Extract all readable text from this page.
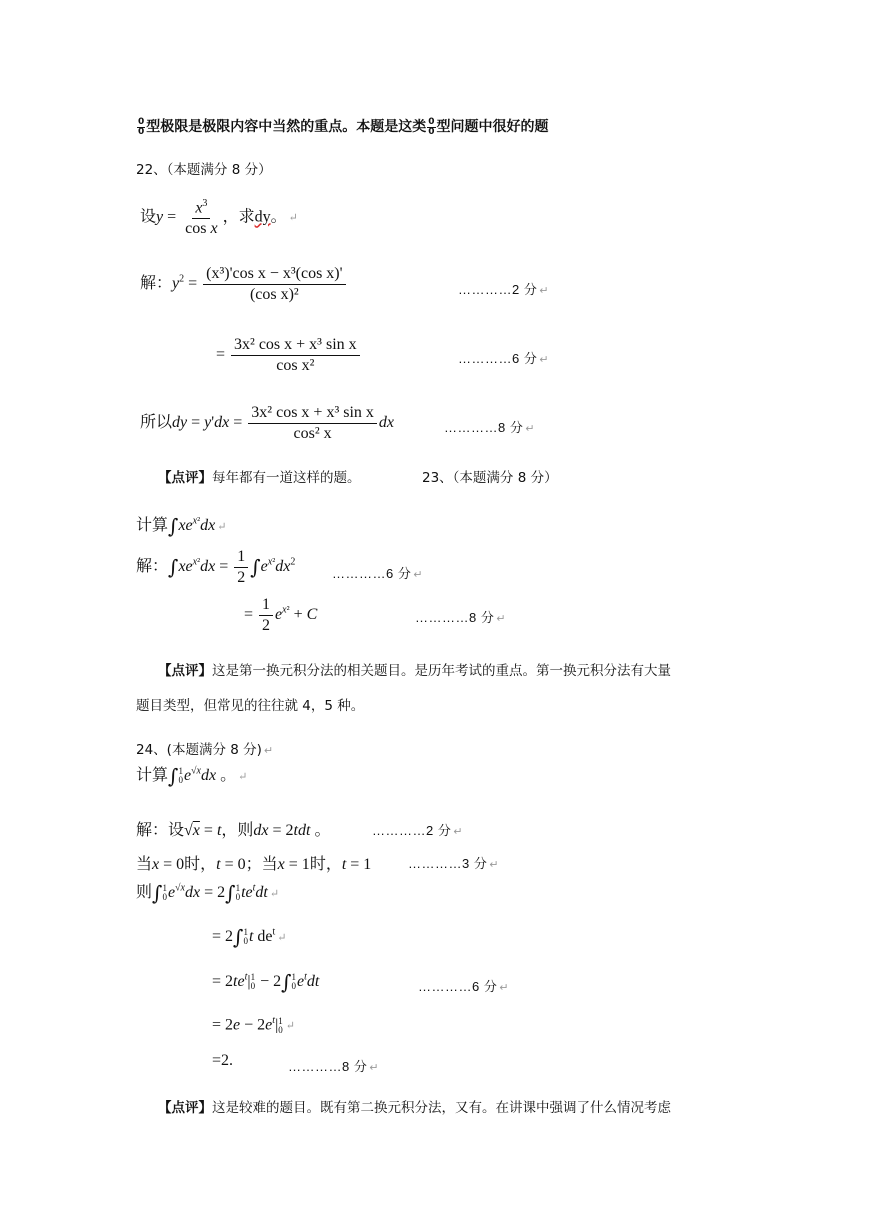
$\frac{0}{0}$ 型极限是极限内容中当然的重点。本题是这类 $\frac{0}{0}$ 型问题中很好的题
22、（本题满分 8 分）
设$y = \frac{x^3}{\text{cos x}}$ ，求dy。 ↵
解：$y^2 = \frac{\text{(x³)'cos x − x³(cos x)'}}{\text{(cos x)²}}$	…………2 分 ↵
= $\frac{\text{3x² cos x + x³ sin x}}{\text{cos x²}}$	…………6 分 ↵
所以dy = $y'dx = \frac{\text{3x² cos x + x³ sin x}}{\text{cos² x}}$ dx	…………8 分 ↵
【点评】每年都有一道这样的题。	23、（本题满分 8 分）
计算$\int xe^{x^2}dx$ ↵
解：$\int xe^{x^2}dx = \frac{1}{2} \int e^{x^2}dx^2$
…………6 分 ↵
= $\frac{1}{2} e^{x^2} + C$	…………8 分 ↵
【点评】这是第一换元积分法的相关题目。是历年考试的重点。第一换元积分法有大量
题目类型，但常见的往往就 4，5 种。
24、(本题满分 8 分) ↵
计算∫ 1
0 $e^{√x}dx$ 。 ↵
解：设√x = t，则dx = 2tdt 。	…………2 分 ↵
当x = 0时，t = 0；当x = 1时，t = 1	…………3 分 ↵
则∫ 1
0 $e^{√x}dx = 2\int$ 1
0 $te^tdt$ ↵
= 2∫ 1
0 t $de^t$ ↵
= $2te^t|$ 1
0 − 2∫ 1
0 $e^tdt$	…………6 分 ↵
= $2e - 2e^t|$ 1
0 ↵
=2.	…………8 分 ↵
【点评】这是较难的题目。既有第二换元积分法，又有。在讲课中强调了什么情况考虑
